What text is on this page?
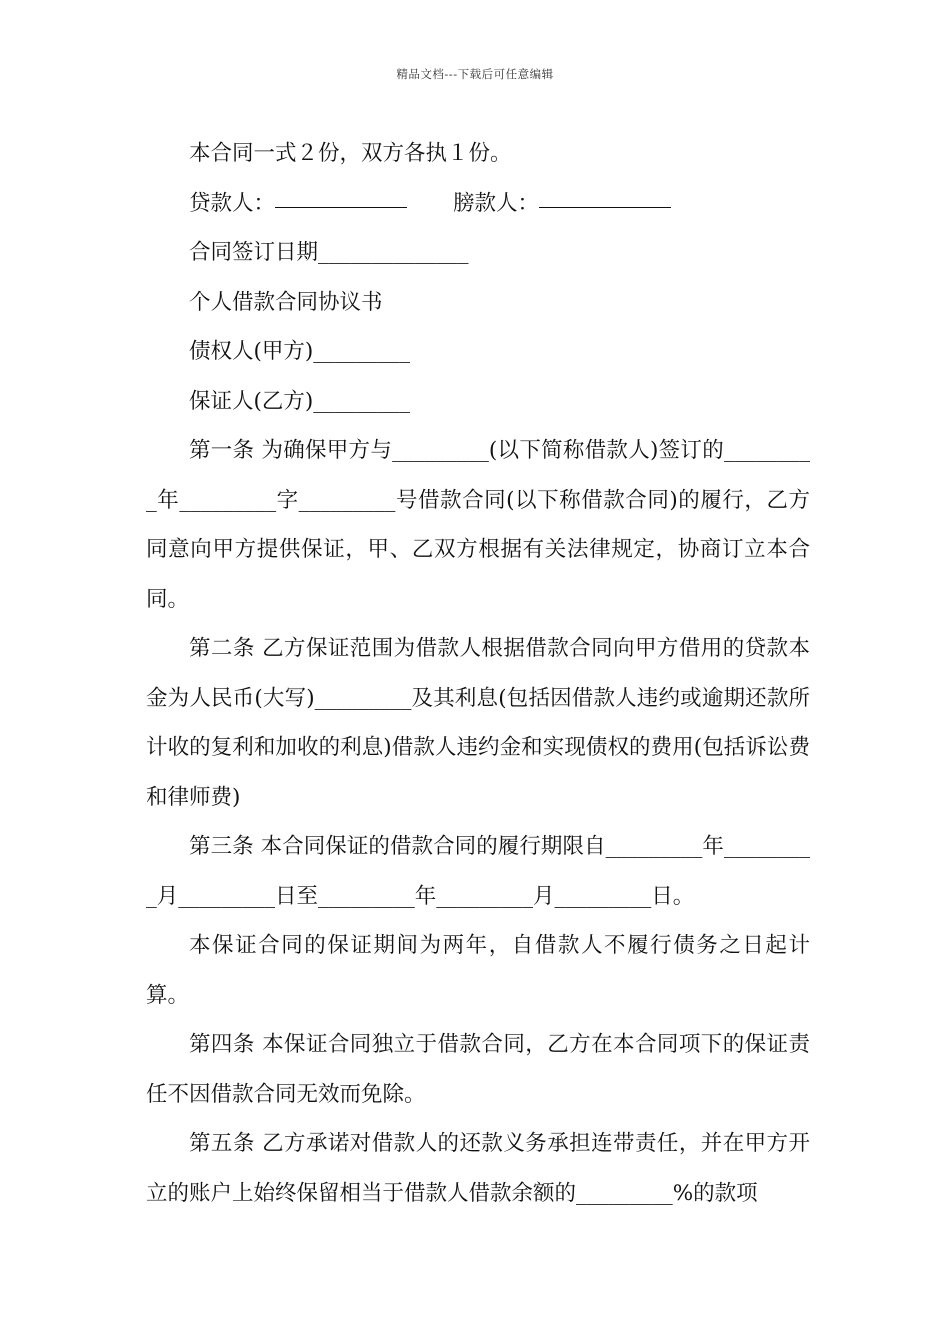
精品文档---下载后可任意编辑

本合同一式２份，双方各执１份。

贷款人：	膀款人：

合同签订日期______________

个人借款合同协议书

债权人(甲方)_________

保证人(乙方)_________

第一条 为确保甲方与_________(以下简称借款人)签订的_________年_________字_________号借款合同(以下称借款合同)的履行，乙方同意向甲方提供保证，甲、乙双方根据有关法律规定，协商订立本合同。

第二条 乙方保证范围为借款人根据借款合同向甲方借用的贷款本金为人民币(大写)_________及其利息(包括因借款人违约或逾期还款所计收的复利和加收的利息)借款人违约金和实现债权的费用(包括诉讼费和律师费)

第三条 本合同保证的借款合同的履行期限自_________年_________月_________日至_________年_________月_________日。

本保证合同的保证期间为两年，自借款人不履行债务之日起计算。

第四条 本保证合同独立于借款合同，乙方在本合同项下的保证责任不因借款合同无效而免除。

第五条 乙方承诺对借款人的还款义务承担连带责任，并在甲方开立的账户上始终保留相当于借款人借款余额的_________%的款项
